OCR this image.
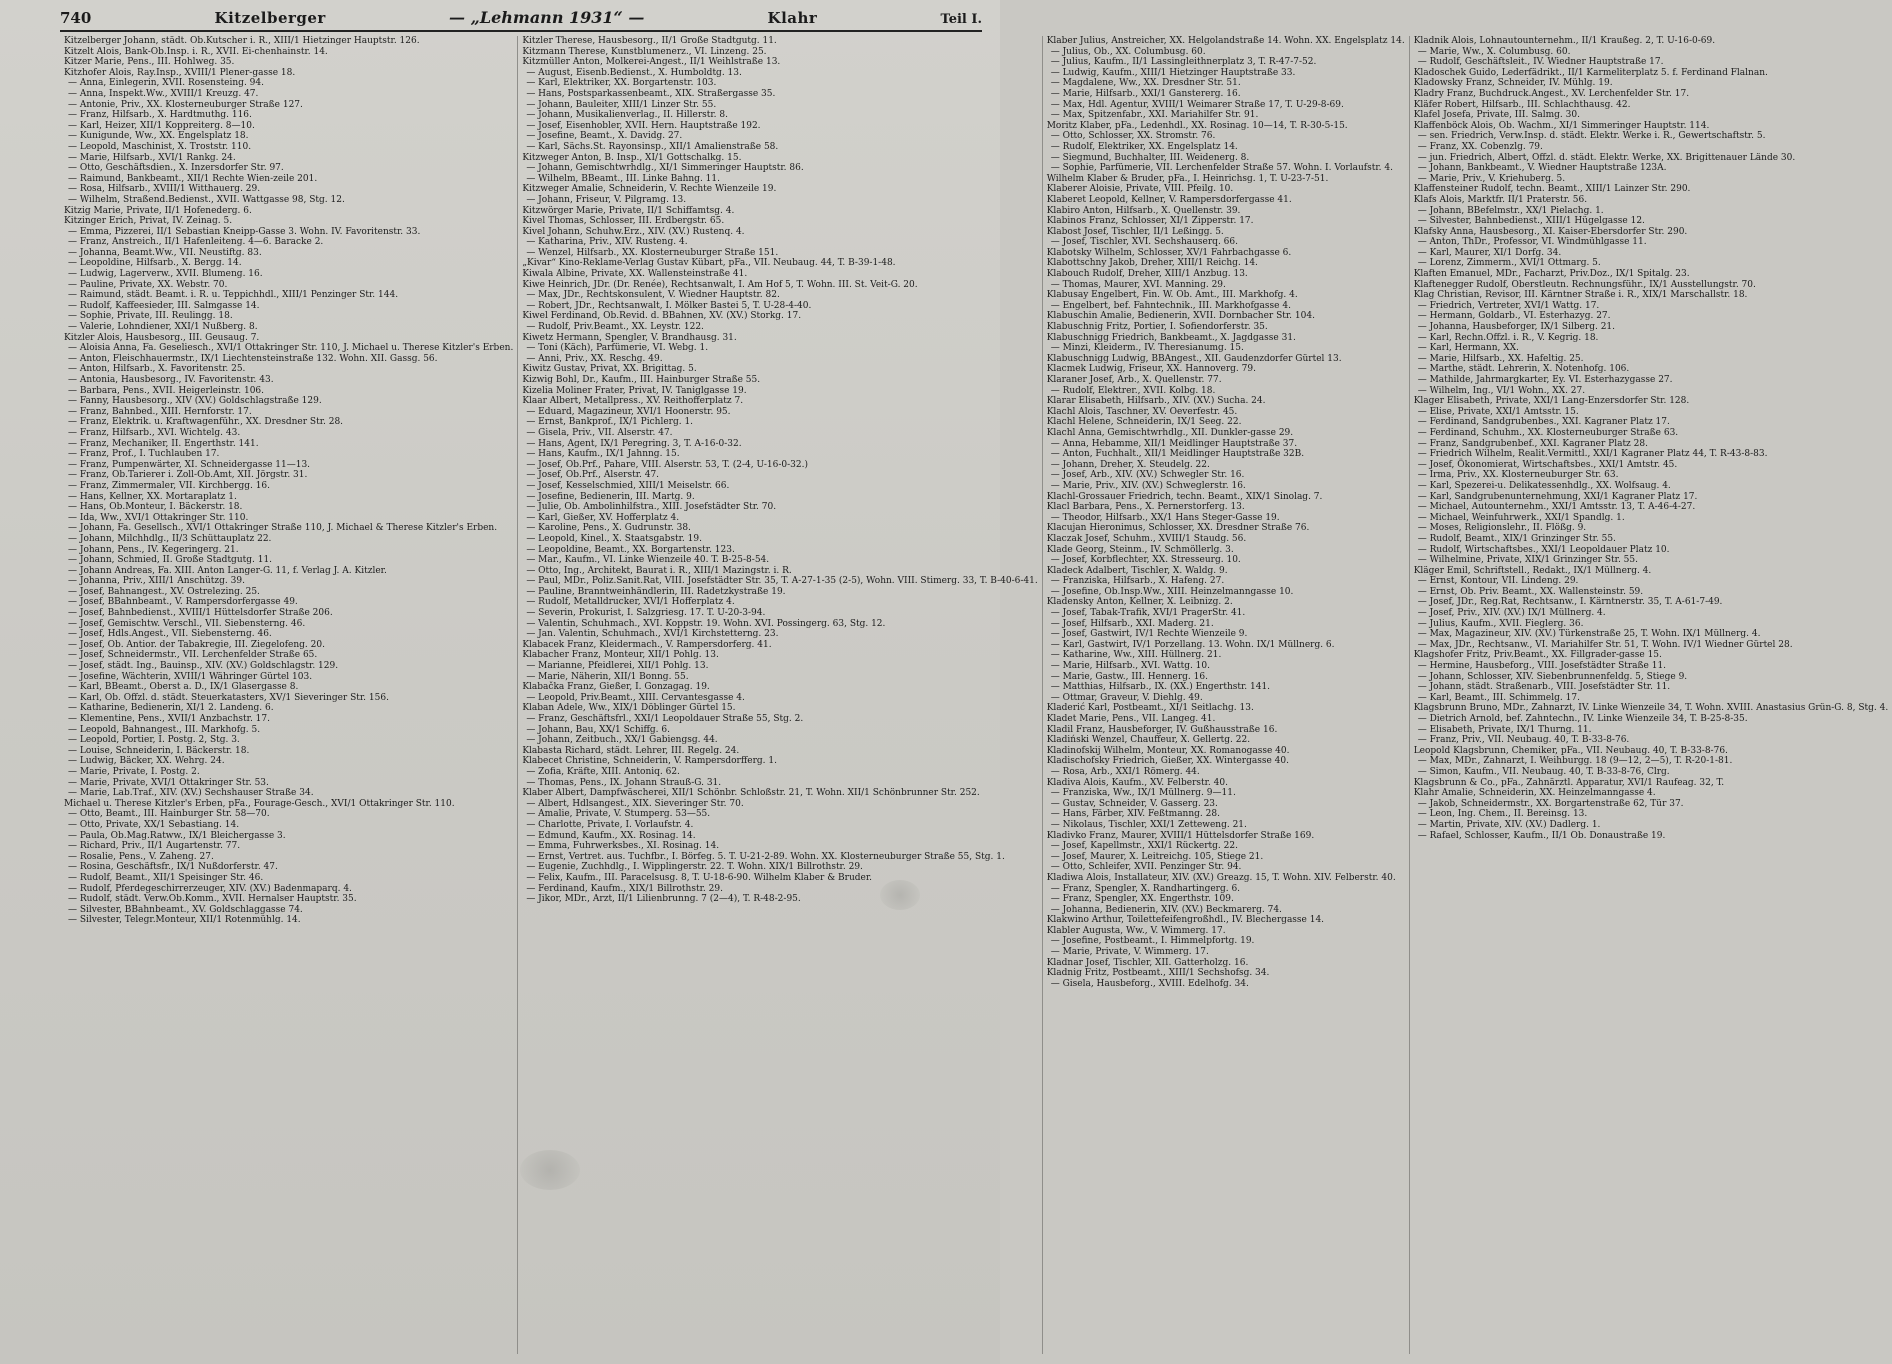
740	Kitzelberger	— „Lehmann 1931“ —	Klahr	Teil I.

Kitzelberger Johann, städt. Ob.Kutscher i. R., XIII/1 Hietzinger Hauptstr. 126.

Kitzelt Alois, Bank-Ob.Insp. i. R., XVII. Ei-chenhainstr. 14.

Kitzer Marie, Pens., III. Hohlweg. 35.

Kitzhofer Alois, Ray.Insp., XVIII/1 Plener-gasse 18.

— Anna, Einlegerin, XVII. Rosensteing. 94.

— Anna, Inspekt.Ww., XVIII/1 Kreuzg. 47.

— Antonie, Priv., XX. Klosterneuburger Straße 127.

— Franz, Hilfsarb., X. Hardtmuthg. 116.

— Karl, Heizer, XII/1 Koppreiterg. 8—10.

— Kunigunde, Ww., XX. Engelsplatz 18.

— Leopold, Maschinist, X. Troststr. 110.

— Marie, Hilfsarb., XVI/1 Rankg. 24.

— Otto, Geschäftsdien., X. Inzersdorfer Str. 97.

— Raimund, Bankbeamt., XII/1 Rechte Wien-zeile 201.

— Rosa, Hilfsarb., XVIII/1 Witthauerg. 29.

— Wilhelm, Straßend.Bedienst., XVII. Wattgasse 98, Stg. 12.

Kitzig Marie, Private, II/1 Hofenederg. 6.

Kitzinger Erich, Privat, IV. Zeinag. 5.

— Emma, Pizzerei, II/1 Sebastian Kneipp-Gasse 3. Wohn. IV. Favoritenstr. 33.

— Franz, Anstreich., II/1 Hafenleiteng. 4—6. Baracke 2.

— Johanna, Beamt.Ww., VII. Neustiftg. 83.

— Leopoldine, Hilfsarb., X. Bergg. 14.

— Ludwig, Lagerverw., XVII. Blumeng. 16.

— Pauline, Private, XX. Webstr. 70.

— Raimund, städt. Beamt. i. R. u. Teppichhdl., XIII/1 Penzinger Str. 144.

— Rudolf, Kaffeesieder, III. Salmgasse 14.

— Sophie, Private, III. Reulingg. 18.

— Valerie, Lohndiener, XXI/1 Nußberg. 8.

Kitzler Alois, Hausbesorg., III. Geusaug. 7.

— Aloisia Anna, Fa. Geseliesch., XVI/1 Ottakringer Str. 110, J. Michael u. Therese Kitzler's Erben.

— Anton, Fleischhauermstr., IX/1 Liechtensteinstraße 132. Wohn. XII. Gassg. 56.

— Anton, Hilfsarb., X. Favoritenstr. 25.

— Antonia, Hausbesorg., IV. Favoritenstr. 43.

— Barbara, Pens., XVII. Heigerleinstr. 106.

— Fanny, Hausbesorg., XIV (XV.) Goldschlagstraße 129.

— Franz, Bahnbed., XIII. Hernforstr. 17.

— Franz, Elektrik. u. Kraftwagenführ., XX. Dresdner Str. 28.

— Franz, Hilfsarb., XVI. Wichtelg. 43.

— Franz, Mechaniker, II. Engerthstr. 141.

— Franz, Prof., I. Tuchlauben 17.

— Franz, Pumpenwärter, XI. Schneidergasse 11—13.

— Franz, Ob.Tarierer i. Zoll-Ob.Amt, XII. Jörgstr. 31.

— Franz, Zimmermaler, VII. Kirchbergg. 16.

— Hans, Kellner, XX. Mortaraplatz 1.

— Hans, Ob.Monteur, I. Bäckerstr. 18.

— Ida, Ww., XVI/1 Ottakringer Str. 110.

— Johann, Fa. Gesellsch., XVI/1 Ottakringer Straße 110, J. Michael & Therese Kitzler's Erben.

— Johann, Milchhdlg., II/3 Schüttauplatz 22.

— Johann, Pens., IV. Kegeringerg. 21.

— Johann, Schmied, II. Große Stadtgutg. 11.

— Johann Andreas, Fa. XIII. Anton Langer-G. 11, f. Verlag J. A. Kitzler.

— Johanna, Priv., XIII/1 Anschützg. 39.

— Josef, Bahnangest., XV. Ostrelezing. 25.

— Josef, BBahnbeamt., V. Rampersdorfergasse 49.

— Josef, Bahnbedienst., XVIII/1 Hüttelsdorfer Straße 206.

— Josef, Gemischtw. Verschl., VII. Siebensterng. 46.

— Josef, Hdls.Angest., VII. Siebensterng. 46.

— Josef, Ob. Antior. der Tabakregie, III. Ziegelofeng. 20.

— Josef, Schneidermstr., VII. Lerchenfelder Straße 65.

— Josef, städt. Ing., Bauinsp., XIV. (XV.) Goldschlagstr. 129.

— Josefine, Wächterin, XVIII/1 Währinger Gürtel 103.

— Karl, BBeamt., Oberst a. D., IX/1 Glasergasse 8.

— Karl, Ob. Offzl. d. städt. Steuerkatasters, XV/1 Sieveringer Str. 156.

— Katharine, Bedienerin, XI/1 2. Landeng. 6.

— Klementine, Pens., XVII/1 Anzbachstr. 17.

— Leopold, Bahnangest., III. Markhofg. 5.

— Leopold, Portier, I. Postg. 2, Stg. 3.

— Louise, Schneiderin, I. Bäckerstr. 18.

— Ludwig, Bäcker, XX. Wehrg. 24.

— Marie, Private, I. Postg. 2.

— Marie, Private, XVI/1 Ottakringer Str. 53.

— Marie, Lab.Traf., XIV. (XV.) Sechshauser Straße 34.

Michael u. Therese Kitzler's Erben, pFa., Fourage-Gesch., XVI/1 Ottakringer Str. 110.

— Otto, Beamt., III. Hainburger Str. 58—70.

— Otto, Private, XX/1 Sebastiang. 14.

— Paula, Ob.Mag.Ratww., IX/1 Bleichergasse 3.

— Richard, Priv., II/1 Augartenstr. 77.

— Rosalie, Pens., V. Zaheng. 27.

— Rosina, Geschäftsfr., IX/1 Nußdorferstr. 47.

— Rudolf, Beamt., XII/1 Speisinger Str. 46.

— Rudolf, Pferdegeschirrerzeuger, XIV. (XV.) Badenmaparq. 4.

— Rudolf, städt. Verw.Ob.Komm., XVII. Hernalser Hauptstr. 35.

— Silvester, BBahnbeamt., XV. Goldschlaggasse 74.

— Silvester, Telegr.Monteur, XII/1 Rotenmühlg. 14.

Kitzler Therese, Hausbesorg., II/1 Große Stadtgutg. 11.

Kitzmann Therese, Kunstblumenerz., VI. Linzeng. 25.

Kitzmüller Anton, Molkerei-Angest., II/1 Weihlstraße 13.

— August, Eisenb.Bedienst., X. Humboldtg. 13.

— Karl, Elektriker, XX. Borgartenstr. 103.

— Hans, Postsparkassenbeamt., XIX. Straßergasse 35.

— Johann, Bauleiter, XIII/1 Linzer Str. 55.

— Johann, Musikalienverlag., II. Hillerstr. 8.

— Josef, Eisenhobler, XVII. Hern. Hauptstraße 192.

— Josefine, Beamt., X. Davidg. 27.

— Karl, Sächs.St. Rayonsinsp., XII/1 Amalienstraße 58.

Kitzweger Anton, B. Insp., XI/1 Gottschalkg. 15.

— Johann, Gemischtwrhdlg., XI/1 Simmeringer Hauptstr. 86.

— Wilhelm, BBeamt., III. Linke Bahng. 11.

Kitzweger Amalie, Schneiderin, V. Rechte Wienzeile 19.

— Johann, Friseur, V. Pilgramg. 13.

Kitzwörger Marie, Private, II/1 Schiffamtsg. 4.

Kivel Thomas, Schlosser, III. Erdbergstr. 65.

Kivel Johann, Schuhw.Erz., XIV. (XV.) Rustenq. 4.

— Katharina, Priv., XIV. Rusteng. 4.

— Wenzel, Hilfsarb., XX. Klosterneuburger Straße 151.

„Kivar“ Kino-Reklame-Verlag Gustav Kübart, pFa., VII. Neubaug. 44, T. B-39-1-48.

Kiwala Albine, Private, XX. Wallensteinstraße 41.

Kiwe Heinrich, JDr. (Dr. Renée), Rechtsanwalt, I. Am Hof 5, T. Wohn. III. St. Veit-G. 20.

— Max, JDr., Rechtskonsulent, V. Wiedner Hauptstr. 82.

— Robert, JDr., Rechtsanwalt, I. Mölker Bastei 5, T. U-28-4-40.

Kiwel Ferdinand, Ob.Revid. d. BBahnen, XV. (XV.) Storkg. 17.

— Rudolf, Priv.Beamt., XX. Leystr. 122.

Kiwetz Hermann, Spengler, V. Brandhausg. 31.

— Toni (Käch), Parfümerie, VI. Webg. 1.

— Anni, Priv., XX. Reschg. 49.

Kiwitz Gustav, Privat, XX. Brigittag. 5.

Kizwig Bohl, Dr., Kaufm., III. Hainburger Straße 55.

Kizelia Moliner Frater, Privat, IV. Taniglgasse 19.

Klaar Albert, Metallpress., XV. Reithofferplatz 7.

— Eduard, Magazineur, XVI/1 Hoonerstr. 95.

— Ernst, Bankprof., IX/1 Pichlerg. 1.

— Gisela, Priv., VII. Alserstr. 47.

— Hans, Agent, IX/1 Peregring. 3, T. A-16-0-32.

— Hans, Kaufm., IX/1 Jahnng. 15.

— Josef, Ob.Prf., Pahare, VIII. Alserstr. 53, T. (2-4, U-16-0-32.)

— Josef, Ob.Prf., Alserstr. 47.

— Josef, Kesselschmied, XIII/1 Meiselstr. 66.

— Josefine, Bedienerin, III. Martg. 9.

— Julie, Ob. Ambolinhilfstra., XIII. Josefstädter Str. 70.

— Karl, Gießer, XV. Hofferplatz 4.

— Karoline, Pens., X. Gudrunstr. 38.

— Leopold, Kinel., X. Staatsgabstr. 19.

— Leopoldine, Beamt., XX. Borgartenstr. 123.

— Mar., Kaufm., VI. Linke Wienzeile 40. T. B-25-8-54.

— Otto, Ing., Architekt, Baurat i. R., XIII/1 Mazingstr. i. R.

— Paul, MDr., Poliz.Sanit.Rat, VIII. Josefstädter Str. 35, T. A-27-1-35 (2-5), Wohn. VIII. Stimerg. 33, T. B-40-6-41.

— Pauline, Branntweinhändlerin, III. Radetzkystraße 19.

— Rudolf, Metalldrucker, XVI/1 Hofferplatz 4.

— Severin, Prokurist, I. Salzgriesg. 17. T. U-20-3-94.

— Valentin, Schuhmach., XVI. Koppstr. 19. Wohn. XVI. Possingerg. 63, Stg. 12.

— Jan. Valentin, Schuhmach., XVI/1 Kirchstetterng. 23.

Klabacek Franz, Kleidermach., V. Rampersdorferg. 41.

Klabacher Franz, Monteur, XII/1 Pohlg. 13.

— Marianne, Pfeidlerei, XII/1 Pohlg. 13.

— Marie, Näherin, XII/1 Bonng. 55.

Klabačka Franz, Gießer, I. Gonzagag. 19.

— Leopold, Priv.Beamt., XIII. Cervantesgasse 4.

Klaban Adele, Ww., XIX/1 Döblinger Gürtel 15.

— Franz, Geschäftsfrl., XXI/1 Leopoldauer Straße 55, Stg. 2.

— Johann, Bau, XX/1 Schiffg. 6.

— Johann, Zeitbuch., XX/1 Gabiengsg. 44.

Klabasta Richard, städt. Lehrer, III. Regelg. 24.

Klabecet Christine, Schneiderin, V. Rampersdorfferg. 1.

— Zofia, Kräfte, XIII. Antoniq. 62.

— Thomas, Pens., IX. Johann Strauß-G. 31.

Klaber Albert, Dampfwäscherei, XII/1 Schönbr. Schloßstr. 21, T. Wohn. XII/1 Schönbrunner Str. 252.

— Albert, Hdlsangest., XIX. Sieveringer Str. 70.

— Amalie, Private, V. Stumperg. 53—55.

— Charlotte, Private, I. Vorlaufstr. 4.

— Edmund, Kaufm., XX. Rosinag. 14.

— Emma, Fuhrwerksbes., XI. Rosinag. 14.

— Ernst, Vertret. aus. Tuchfbr., I. Börfeg. 5. T. U-21-2-89. Wohn. XX. Klosterneuburger Straße 55, Stg. 1.

— Eugenie, Zuchhdlg., I. Wipplingerstr. 22. T. Wohn. XIX/1 Billrothstr. 29.

— Felix, Kaufm., III. Paracelsusg. 8, T. U-18-6-90. Wilhelm Klaber & Bruder.

— Ferdinand, Kaufm., XIX/1 Billrothstr. 29.

— Jikor, MDr., Arzt, II/1 Lilienbrunng. 7 (2—4), T. R-48-2-95.

Klaber Julius, Anstreicher, XX. Helgolandstraße 14. Wohn. XX. Engelsplatz 14.

— Julius, Ob., XX. Columbusg. 60.

— Julius, Kaufm., II/1 Lassingleithnerplatz 3, T. R-47-7-52.

— Ludwig, Kaufm., XIII/1 Hietzinger Hauptstraße 33.

— Magdalene, Ww., XX. Dresdner Str. 51.

— Marie, Hilfsarb., XXI/1 Ganstererg. 16.

— Max, Hdl. Agentur, XVIII/1 Weimarer Straße 17, T. U-29-8-69.

— Max, Spitzenfabr., XXI. Mariahilfer Str. 91.

Moritz Klaber, pFa., Ledenhdl., XX. Rosinag. 10—14, T. R-30-5-15.

— Otto, Schlosser, XX. Stromstr. 76.

— Rudolf, Elektriker, XX. Engelsplatz 14.

— Siegmund, Buchhalter, III. Weidenerg. 8.

— Sophie, Parfümerie, VII. Lerchenfelder Straße 57. Wohn. I. Vorlaufstr. 4.

Wilhelm Klaber & Bruder, pFa., I. Heinrichsg. 1, T. U-23-7-51.

Klaberer Aloisie, Private, VIII. Pfeilg. 10.

Klaberet Leopold, Kellner, V. Rampersdorfergasse 41.

Klabiro Anton, Hilfsarb., X. Quellenstr. 39.

Klabinos Franz, Schlosser, XI/1 Zipperstr. 17.

Klabost Josef, Tischler, II/1 Leßingg. 5.

— Josef, Tischler, XVI. Sechshauserq. 66.

Klabotsky Wilhelm, Schlosser, XV/1 Fahrbachgasse 6.

Klabottschny Jakob, Dreher, XIII/1 Reichg. 14.

Klabouch Rudolf, Dreher, XIII/1 Anzbug. 13.

— Thomas, Maurer, XVI. Manning. 29.

Klabusay Engelbert, Fin. W. Ob. Amt., III. Markhofg. 4.

— Engelbert, bef. Fahntechnik., III. Markhofgasse 4.

Klabuschin Amalie, Bedienerin, XVII. Dornbacher Str. 104.

Klabuschnig Fritz, Portier, I. Sofiendorferstr. 35.

Klabuschnigg Friedrich, Bankbeamt., X. Jagdgasse 31.

— Minzi, Kleiderm., IV. Theresianumg. 15.

Klabuschnigg Ludwig, BBAngest., XII. Gaudenzdorfer Gürtel 13.

Klacmek Ludwig, Friseur, XX. Hannoverg. 79.

Klaraner Josef, Arb., X. Quellenstr. 77.

— Rudolf, Elektrer., XVII. Kolbg. 18.

Klarar Elisabeth, Hilfsarb., XIV. (XV.) Sucha. 24.

Klachl Alois, Taschner, XV. Oeverfestr. 45.

Klachl Helene, Schneiderin, IX/1 Seeg. 22.

Klachl Anna, Gemischtwrhdlg., XII. Dunkler-gasse 29.

— Anna, Hebamme, XII/1 Meidlinger Hauptstraße 37.

— Anton, Fuchhalt., XII/1 Meidlinger Hauptstraße 32B.

— Johann, Dreher, X. Steudelg. 22.

— Josef, Arb., XIV. (XV.) Schwegler Str. 16.

— Marie, Priv., XIV. (XV.) Schweglerstr. 16.

Klachl-Grossauer Friedrich, techn. Beamt., XIX/1 Sinolag. 7.

Klacl Barbara, Pens., X. Pernerstorferg. 13.

— Theodor, Hilfsarb., XX/1 Hans Steger-Gasse 19.

Klacujan Hieronimus, Schlosser, XX. Dresdner Straße 76.

Klaczak Josef, Schuhm., XVIII/1 Staudg. 56.

Klade Georg, Steinm., IV. Schmöllerlg. 3.

— Josef, Korbflechter, XX. Stresseurg. 10.

Kladeck Adalbert, Tischler, X. Waldg. 9.

— Franziska, Hilfsarb., X. Hafeng. 27.

— Josefine, Ob.Insp.Ww., XIII. Heinzelmanngasse 10.

Kladensky Anton, Kellner, X. Leibnizg. 2.

— Josef, Tabak-Trafik, XVI/1 PragerStr. 41.

— Josef, Hilfsarb., XXI. Maderg. 21.

— Josef, Gastwirt, IV/1 Rechte Wienzeile 9.

— Karl, Gastwirt, IV/1 Porzellang. 13. Wohn. IX/1 Müllnerg. 6.

— Katharine, Ww., XIII. Hüllnerg. 21.

— Marie, Hilfsarb., XVI. Wattg. 10.

— Marie, Gastw., III. Hennerg. 16.

— Matthias, Hilfsarb., IX. (XX.) Engerthstr. 141.

— Ottmar, Graveur, V. Diehlg. 49.

Kladerić Karl, Postbeamt., XI/1 Seitlachg. 13.

Kladet Marie, Pens., VII. Langeg. 41.

Kladil Franz, Hausbeforger, IV. Gußhausstraße 16.

Kladiński Wenzel, Chauffeur, X. Gellertg. 22.

Kladinofskij Wilhelm, Monteur, XX. Romanogasse 40.

Kladischofsky Friedrich, Gießer, XX. Wintergasse 40.

— Rosa, Arb., XXI/1 Römerg. 44.

Kladiva Alois, Kaufm., XV. Felberstr. 40.

— Franziska, Ww., IX/1 Müllnerg. 9—11.

— Gustav, Schneider, V. Gasserg. 23.

— Hans, Färber, XIV. Feßtmanng. 28.

— Nikolaus, Tischler, XXI/1 Zetteweng. 21.

Kladivko Franz, Maurer, XVIII/1 Hüttelsdorfer Straße 169.

— Josef, Kapellmstr., XXI/1 Rückertg. 22.

— Josef, Maurer, X. Leitreichg. 105, Stiege 21.

— Otto, Schleifer, XVII. Penzinger Str. 94.

Kladiwa Alois, Installateur, XIV. (XV.) Greazg. 15, T. Wohn. XIV. Felberstr. 40.

— Franz, Spengler, X. Randhartingerg. 6.

— Franz, Spengler, XX. Engerthstr. 109.

— Johanna, Bedienerin, XIV. (XV.) Beckmarerg. 74.

Klakwino Arthur, Toilettefeifengroßhdl., IV. Blechergasse 14.

Klabler Augusta, Ww., V. Wimmerg. 17.

— Josefine, Postbeamt., I. Himmelpfortg. 19.

— Marie, Private, V. Wimmerg. 17.

Kladnar Josef, Tischler, XII. Gatterholzg. 16.

Kladnig Fritz, Postbeamt., XIII/1 Sechshofsg. 34.

— Gisela, Hausbeforg., XVIII. Edelhofg. 34.

Kladnik Alois, Lohnautounternehm., II/1 Kraußeg. 2, T. U-16-0-69.

— Marie, Ww., X. Columbusg. 60.

— Rudolf, Geschäftsleit., IV. Wiedner Hauptstraße 17.

Kladoschek Guido, Lederfädrikt., II/1 Karmeliterplatz 5. f. Ferdinand Flalnan.

Kladowsky Franz, Schneider, IV. Mühlg. 19.

Kladry Franz, Buchdruck.Angest., XV. Lerchenfelder Str. 17.

Kläfer Robert, Hilfsarb., III. Schlachthausg. 42.

Klafel Josefa, Private, III. Salmg. 30.

Klaffenböck Alois, Ob. Wachm., XI/1 Simmeringer Hauptstr. 114.

— sen. Friedrich, Verw.Insp. d. städt. Elektr. Werke i. R., Gewertschaftstr. 5.

— Franz, XX. Cobenzlg. 79.

— jun. Friedrich, Albert, Offzl. d. städt. Elektr. Werke, XX. Brigittenauer Lände 30.

— Johann, Bankbeamt., V. Wiedner Hauptstraße 123A.

— Marie, Priv., V. Kriehuberg. 5.

Klaffensteiner Rudolf, techn. Beamt., XIII/1 Lainzer Str. 290.

Klafs Alois, Marktfr. II/1 Praterstr. 56.

— Johann, BBefelmstr., XX/1 Pielachg. 1.

— Silvester, Bahnbedienst., XIII/1 Hügelgasse 12.

Klafsky Anna, Hausbesorg., XI. Kaiser-Ebersdorfer Str. 290.

— Anton, ThDr., Professor, VI. Windmühlgasse 11.

— Karl, Maurer, XI/1 Dorfg. 34.

— Lorenz, Zimmerm., XVI/1 Ottmarg. 5.

Klaften Emanuel, MDr., Facharzt, Priv.Doz., IX/1 Spitalg. 23.

Klaftenegger Rudolf, Oberstleutn. Rechnungsführ., IX/1 Ausstellungstr. 70.

Klag Christian, Revisor, III. Kärntner Straße i. R., XIX/1 Marschallstr. 18.

— Friedrich, Vertreter, XVI/1 Wattg. 17.

— Hermann, Goldarb., VI. Esterhazyg. 27.

— Johanna, Hausbeforger, IX/1 Silberg. 21.

— Karl, Rechn.Offzl. i. R., V. Kegrig. 18.

— Karl, Hermann, XX.

— Marie, Hilfsarb., XX. Hafeltig. 25.

— Marthe, städt. Lehrerin, X. Notenhofg. 106.

— Mathilde, Jahrmargkarter, Ey. VI. Esterhazygasse 27.

— Wilhelm, Ing., VI/1 Wohn., XX. 27.

Klager Elisabeth, Private, XXI/1 Lang-Enzersdorfer Str. 128.

— Elise, Private, XXI/1 Amtsstr. 15.

— Ferdinand, Sandgrubenbes., XXI. Kagraner Platz 17.

— Ferdinand, Schuhm., XX. Klosterneuburger Straße 63.

— Franz, Sandgrubenbef., XXI. Kagraner Platz 28.

— Friedrich Wilhelm, Realit.Vermittl., XXI/1 Kagraner Platz 44, T. R-43-8-83.

— Josef, Ökonomierat, Wirtschaftsbes., XXI/1 Amtstr. 45.

— Irma, Priv., XX. Klosterneuburger Str. 63.

— Karl, Spezerei-u. Delikatessenhdlg., XX. Wolfsaug. 4.

— Karl, Sandgrubenunternehmung, XXI/1 Kagraner Platz 17.

— Michael, Autounternehm., XXI/1 Amtsstr. 13, T. A-46-4-27.

— Michael, Weinfuhrwerk., XXI/1 Spandlg. 1.

— Moses, Religionslehr., II. Flößg. 9.

— Rudolf, Beamt., XIX/1 Grinzinger Str. 55.

— Rudolf, Wirtschaftsbes., XXI/1 Leopoldauer Platz 10.

— Wilhelmine, Private, XIX/1 Grinzinger Str. 55.

Kläger Emil, Schriftstell., Redakt., IX/1 Müllnerg. 4.

— Ernst, Kontour, VII. Lindeng. 29.

— Ernst, Ob. Priv. Beamt., XX. Wallensteinstr. 59.

— Josef, JDr., Reg.Rat, Rechtsanw., I. Kärntnerstr. 35, T. A-61-7-49.

— Josef, Priv., XIV. (XV.) IX/1 Müllnerg. 4.

— Julius, Kaufm., XVII. Fieglerg. 36.

— Max, Magazineur, XIV. (XV.) Türkenstraße 25, T. Wohn. IX/1 Müllnerg. 4.

— Max, JDr., Rechtsanw., VI. Mariahilfer Str. 51, T. Wohn. IV/1 Wiedner Gürtel 28.

Klagshofer Fritz, Priv.Beamt., XX. Fillgrader-gasse 15.

— Hermine, Hausbeforg., VIII. Josefstädter Straße 11.

— Johann, Schlosser, XIV. Siebenbrunnenfeldg. 5, Stiege 9.

— Johann, städt. Straßenarb., VIII. Josefstädter Str. 11.

— Karl, Beamt., III. Schimmelg. 17.

Klagsbrunn Bruno, MDr., Zahnarzt, IV. Linke Wienzeile 34, T. Wohn. XVIII. Anastasius Grün-G. 8, Stg. 4.

— Dietrich Arnold, bef. Zahntechn., IV. Linke Wienzeile 34, T. B-25-8-35.

— Elisabeth, Private, IX/1 Thurng. 11.

— Franz, Priv., VII. Neubaug. 40, T. B-33-8-76.

Leopold Klagsbrunn, Chemiker, pFa., VII. Neubaug. 40, T. B-33-8-76.

— Max, MDr., Zahnarzt, I. Weihburgg. 18 (9—12, 2—5), T. R-20-1-81.

— Simon, Kaufm., VII. Neubaug. 40, T. B-33-8-76, Clrg.

Klagsbrunn & Co., pFa., Zahnärztl. Apparatur, XVI/1 Raufeag. 32, T.

Klahr Amalie, Schneiderin, XX. Heinzelmanngasse 4.

— Jakob, Schneidermstr., XX. Borgartenstraße 62, Tür 37.

— Leon, Ing. Chem., II. Bereinsg. 13.

— Martin, Private, XIV. (XV.) Dadlerg. 1.

— Rafael, Schlosser, Kaufm., II/1 Ob. Donaustraße 19.
